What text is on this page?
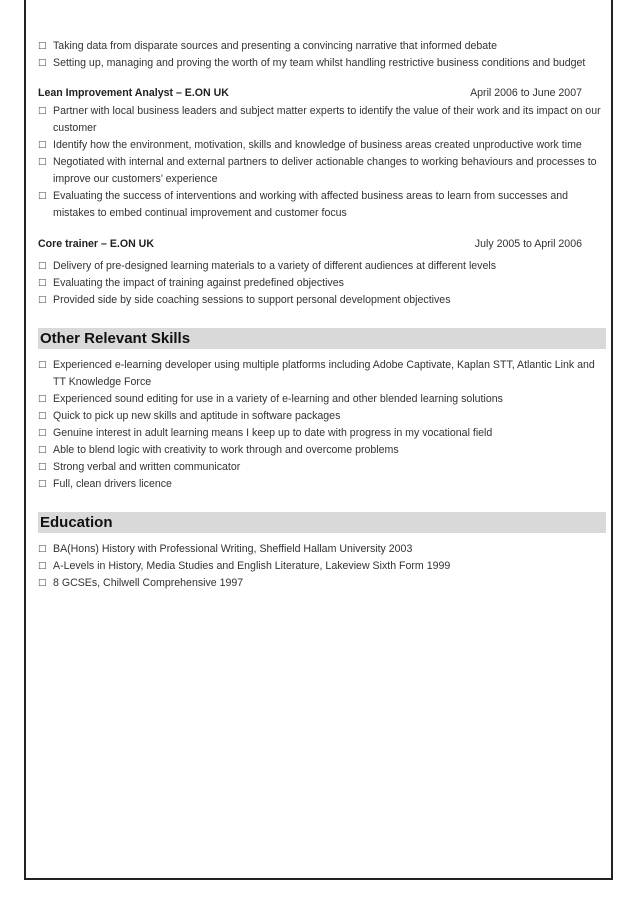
□ Taking data from disparate sources and presenting a convincing narrative that informed debate
□ Setting up, managing and proving the worth of my team whilst handling restrictive business conditions and budget
Lean Improvement Analyst – E.ON UK	April 2006 to June 2007
□ Partner with local business leaders and subject matter experts to identify the value of their work and its impact on our customer
□ Identify how the environment, motivation, skills and knowledge of business areas created unproductive work time
□ Negotiated with internal and external partners to deliver actionable changes to working behaviours and processes to improve our customers’ experience
□ Evaluating the success of interventions and working with affected business areas to learn from successes and mistakes to embed continual improvement and customer focus
Core trainer – E.ON UK	July 2005 to April 2006
□ Delivery of pre-designed learning materials to a variety of different audiences at different levels
□ Evaluating the impact of training against predefined objectives
□ Provided side by side coaching sessions to support personal development objectives
Other Relevant Skills
□ Experienced e-learning developer using multiple platforms including Adobe Captivate, Kaplan STT, Atlantic Link and TT Knowledge Force
□ Experienced sound editing for use in a variety of e-learning and other blended learning solutions
□ Quick to pick up new skills and aptitude in software packages
□ Genuine interest in adult learning means I keep up to date with progress in my vocational field
□ Able to blend logic with creativity to work through and overcome problems
□ Strong verbal and written communicator
□ Full, clean drivers licence
Education
□ BA(Hons) History with Professional Writing, Sheffield Hallam University 2003
□ A-Levels in History, Media Studies and English Literature, Lakeview Sixth Form 1999
□ 8 GCSEs, Chilwell Comprehensive 1997
